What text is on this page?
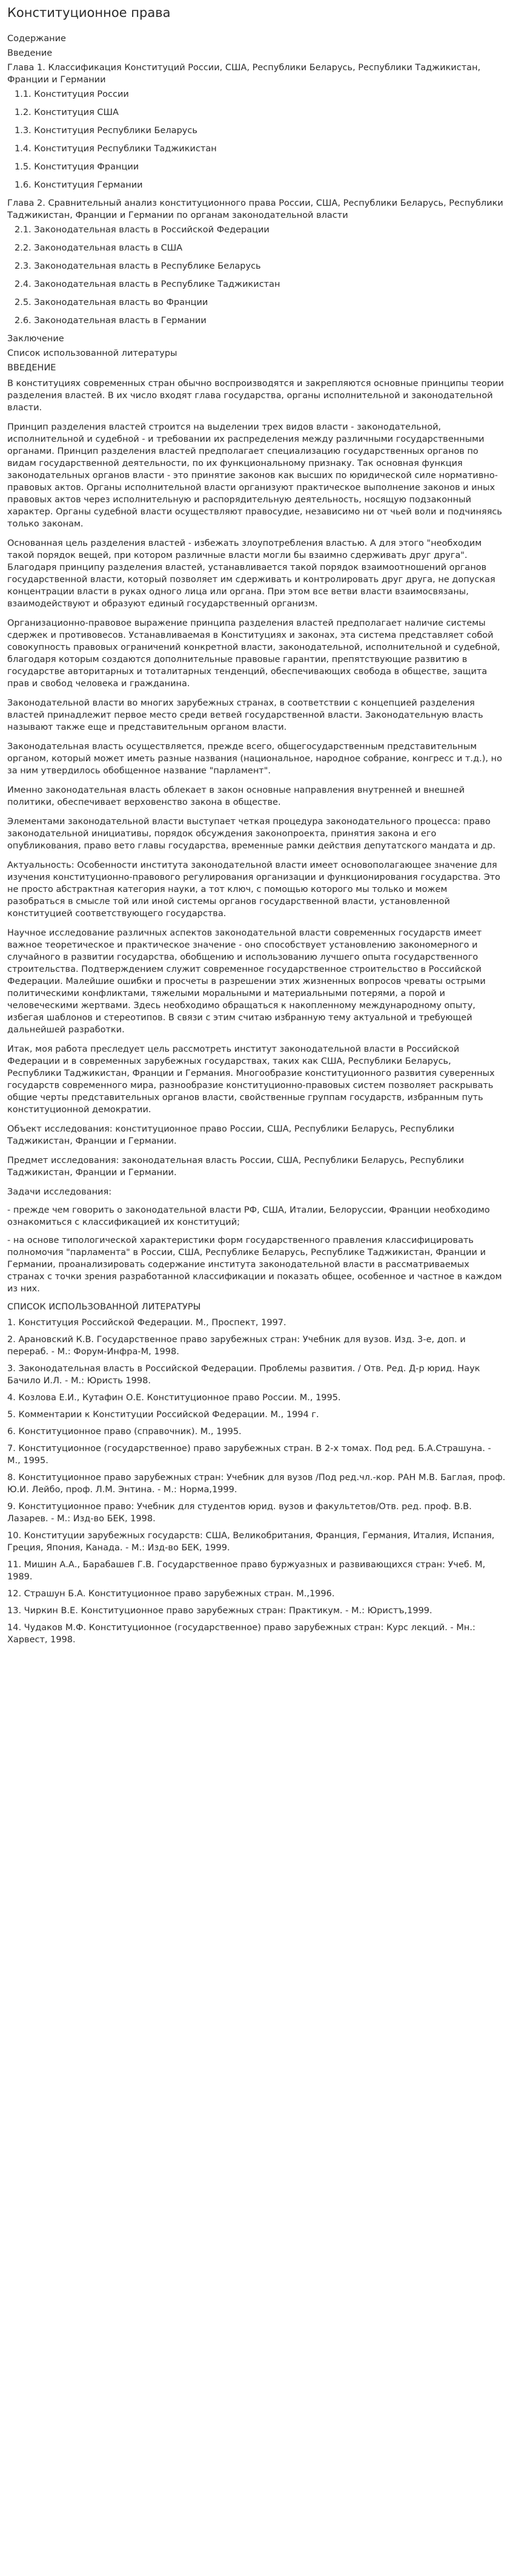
Конституционное права
Содержание
Введение
Глава 1. Классификация Конституций России, США, Республики Беларусь, Республики Таджикистан, Франции и Германии
1.1. Конституция России
1.2. Конституция США
1.3. Конституция Республики Беларусь
1.4. Конституция Республики Таджикистан
1.5. Конституция Франции
1.6. Конституция Германии
Глава 2. Сравнительный анализ конституционного права России, США, Республики Беларусь, Республики Таджикистан, Франции и Германии по органам законодательной власти
2.1. Законодательная власть в Российской Федерации
2.2. Законодательная власть в США
2.3. Законодательная власть в Республике Беларусь
2.4. Законодательная власть в Республике Таджикистан
2.5. Законодательная власть во Франции
2.6. Законодательная власть в Германии
Заключение
Список использованной литературы
ВВЕДЕНИЕ

В конституциях современных стран обычно воспроизводятся и закрепляются основные принципы теории разделения властей. В их число входят глава государства, органы исполнительной и законодательной власти.

Принцип разделения властей строится на выделении трех видов власти - законодательной, исполнительной и судебной - и требовании их распределения между различными государственными органами. Принцип разделения властей предполагает специализацию государственных органов по видам государственной деятельности, по их функциональному признаку. Так основная функция законодательных органов власти - это принятие законов как высших по юридической силе нормативно-правовых актов. Органы исполнительной власти организуют практическое выполнение законов и иных правовых актов через исполнительную и распорядительную деятельность, носящую подзаконный характер. Органы судебной власти осуществляют правосудие, независимо ни от чьей воли и подчиняясь только законам.

Основанная цель разделения властей - избежать злоупотребления властью. А для этого "необходим такой порядок вещей, при котором различные власти могли бы взаимно сдерживать друг друга". Благодаря принципу разделения властей, устанавливается такой порядок взаимоотношений органов государственной власти, который позволяет им сдерживать и контролировать друг друга, не допуская концентрации власти в руках одного лица или органа. При этом все ветви власти взаимосвязаны, взаимодействуют и образуют единый государственный организм.

Организационно-правовое выражение принципа разделения властей предполагает наличие системы сдержек и противовесов. Устанавливаемая в Конституциях и законах, эта система представляет собой совокупность правовых ограничений конкретной власти, законодательной, исполнительной и судебной, благодаря которым создаются дополнительные правовые гарантии, препятствующие развитию в государстве авторитарных и тоталитарных тенденций, обеспечивающих свобода в обществе, защита прав и свобод человека и гражданина.

Законодательной власти во многих зарубежных странах, в соответствии с концепцией разделения властей принадлежит первое место среди ветвей государственной власти. Законодательную власть называют также еще и представительным органом власти.

Законодательная власть осуществляется, прежде всего, общегосударственным представительным органом, который может иметь разные названия (национальное, народное собрание, конгресс и т.д.), но за ним утвердилось обобщенное название "парламент".

Именно законодательная власть облекает в закон основные направления внутренней и внешней политики, обеспечивает верховенство закона в обществе.

Элементами законодательной власти выступает четкая процедура законодательного процесса: право законодательной инициативы, порядок обсуждения законопроекта, принятия закона и его опубликования, право вето главы государства, временные рамки действия депутатского мандата и др.

Актуальность: Особенности института законодательной власти имеет основополагающее значение для изучения конституционно-правового регулирования организации и функционирования государства. Это не просто абстрактная категория науки, а тот ключ, с помощью которого мы только и можем разобраться в смысле той или иной системы органов государственной власти, установленной конституцией соответствующего государства.

Научное исследование различных аспектов законодательной власти современных государств имеет важное теоретическое и практическое значение - оно способствует установлению закономерного и случайного в развитии государства, обобщению и использованию лучшего опыта государственного строительства. Подтверждением служит современное государственное строительство в Российской Федерации. Малейшие ошибки и просчеты в разрешении этих жизненных вопросов чреваты острыми политическими конфликтами, тяжелыми моральными и материальными потерями, а порой и человеческими жертвами. Здесь необходимо обращаться к накопленному международному опыту, избегая шаблонов и стереотипов. В связи с этим считаю избранную тему актуальной и требующей дальнейшей разработки.

Итак, моя работа преследует цель рассмотреть институт законодательной власти в Российской Федерации и в современных зарубежных государствах, таких как США, Республики Беларусь, Республики Таджикистан, Франции и Германия. Многообразие конституционного развития суверенных государств современного мира, разнообразие конституционно-правовых систем позволяет раскрывать общие черты представительных органов власти, свойственные группам государств, избранным путь конституционной демократии.

Объект исследования: конституционное право России, США, Республики Беларусь, Республики Таджикистан, Франции и Германии.

Предмет исследования: законодательная власть России, США, Республики Беларусь, Республики Таджикистан, Франции и Германии.

Задачи исследования:

- прежде чем говорить о законодательной власти РФ, США, Италии, Белоруссии, Франции необходимо ознакомиться с классификацией их конституций;

- на основе типологической характеристики форм государственного правления классифицировать полномочия "парламента" в России, США, Республике Беларусь, Республике Таджикистан, Франции и Германии, проанализировать содержание института законодательной власти в рассматриваемых странах с точки зрения разработанной классификации и показать общее, особенное и частное в каждом из них.

СПИСОК ИСПОЛЬЗОВАННОЙ ЛИТЕРАТУРЫ

1. Конституция Российской Федерации. М., Проспект, 1997.

2. Арановский К.В. Государственное право зарубежных стран: Учебник для вузов. Изд. 3-е, доп. и перераб. - М.: Форум-Инфра-М, 1998.

3. Законодательная власть в Российской Федерации. Проблемы развития. / Отв. Ред. Д-р юрид. Наук Бачило И.Л. - М.: Юристь 1998.

4. Козлова Е.И., Кутафин О.Е. Конституционное право России. М., 1995.

5. Комментарии к Конституции Российской Федерации. М., 1994 г.

6. Конституционное право (справочник). М., 1995.

7. Конституционное (государственное) право зарубежных стран. В 2-х томах. Под ред. Б.А.Страшуна. - М., 1995.

8. Конституционное право зарубежных стран: Учебник для вузов /Под ред.чл.-кор. РАН М.В. Баглая, проф. Ю.И. Лейбо, проф. Л.М. Энтина. - М.: Норма,1999.

9. Конституционное право: Учебник для студентов юрид. вузов и факультетов/Отв. ред. проф. В.В. Лазарев. - М.: Изд-во БЕК, 1998.

10. Конституции зарубежных государств: США, Великобритания, Франция, Германия, Италия, Испания, Греция, Япония, Канада. - М.: Изд-во БЕК, 1999.

11. Мишин А.А., Барабашев Г.В. Государственное право буржуазных и развивающихся стран: Учеб. М, 1989.

12. Страшун Б.А. Конституционное право зарубежных стран. М.,1996.

13. Чиркин В.Е. Конституционное право зарубежных стран: Практикум. - М.: Юристъ,1999.

14. Чудаков М.Ф. Конституционное (государственное) право зарубежных стран: Курс лекций. - Мн.: Харвест, 1998.
